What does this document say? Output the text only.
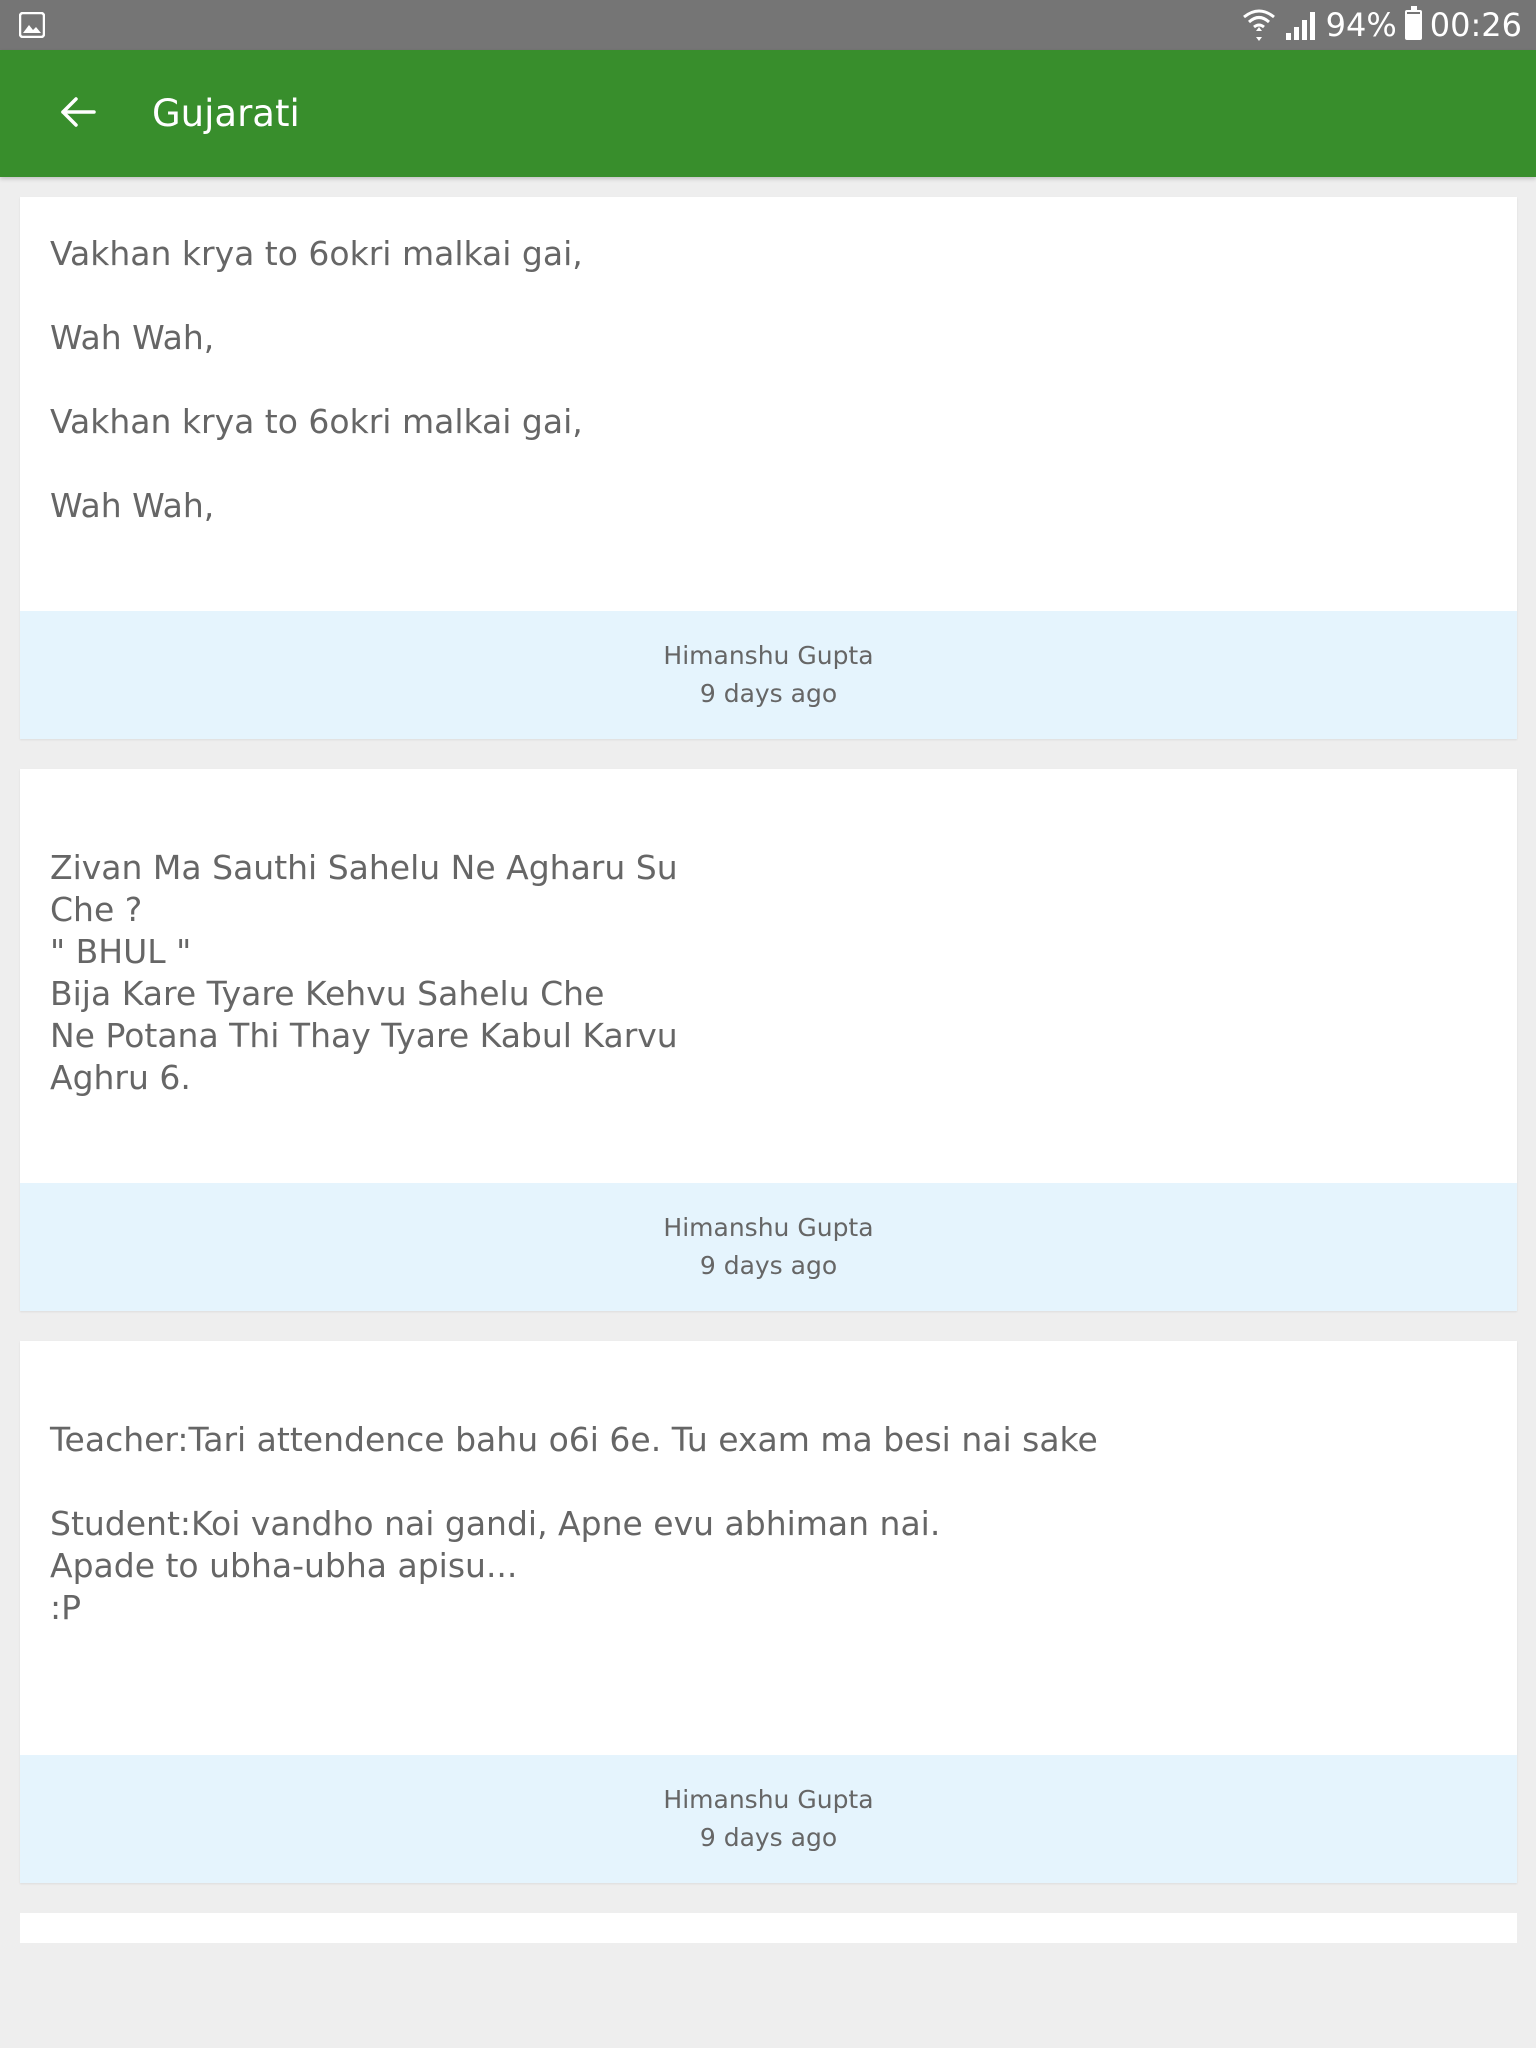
94% 00:26
Gujarati

Vakhan krya to 6okri malkai gai,

Wah Wah,

Vakhan krya to 6okri malkai gai,

Wah Wah,

Himanshu Gupta
9 days ago

Zivan Ma Sauthi Sahelu Ne Agharu Su
Che ?
" BHUL "
Bija Kare Tyare Kehvu Sahelu Che
Ne Potana Thi Thay Tyare Kabul Karvu
Aghru 6.

Himanshu Gupta
9 days ago

Teacher:Tari attendence bahu o6i 6e. Tu exam ma besi nai sake

Student:Koi vandho nai gandi, Apne evu abhiman nai.
Apade to ubha-ubha apisu...
:P

Himanshu Gupta
9 days ago
